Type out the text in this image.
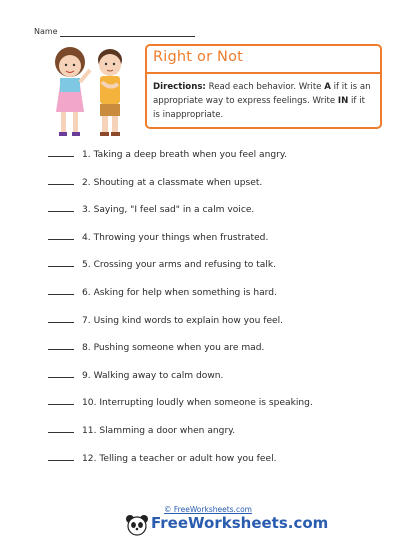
Name
Right or Not
Directions: Read each behavior. Write A if it is an appropriate way to express feelings. Write IN if it is inappropriate.
1. Taking a deep breath when you feel angry.
2. Shouting at a classmate when upset.
3. Saying, "I feel sad" in a calm voice.
4. Throwing your things when frustrated.
5. Crossing your arms and refusing to talk.
6. Asking for help when something is hard.
7. Using kind words to explain how you feel.
8. Pushing someone when you are mad.
9. Walking away to calm down.
10. Interrupting loudly when someone is speaking.
11. Slamming a door when angry.
12. Telling a teacher or adult how you feel.
© FreeWorksheets.com
FreeWorksheets.com
